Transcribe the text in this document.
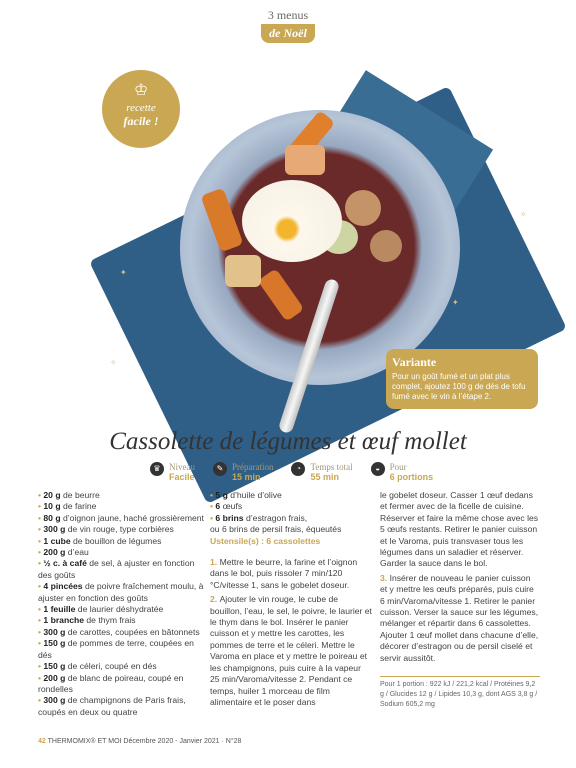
3 menus
de Noël
♔
recette
facile !
Variante
Pour un goût fumé et un plat plus complet, ajoutez 100 g de dés de tofu fumé avec le vin à l’étape 2.
Cassolette de légumes et œuf mollet
♛ Niveau
Facile
✎ Préparation
15 min
◔	Temps total
55 min
◒	Pour
6 portions

• 20 g de beurre

• 10 g de farine

• 80 g d’oignon jaune, haché grossièrement

• 300 g de vin rouge, type corbières

• 1 cube de bouillon de légumes

• 200 g d’eau

• ½ c. à café de sel, à ajuster en fonction des goûts

• 4 pincées de poivre fraîchement moulu, à ajuster en fonction des goûts

• 1 feuille de laurier déshydratée

• 1 branche de thym frais

• 300 g de carottes, coupées en bâtonnets

• 150 g de pommes de terre, coupées en dés

• 150 g de céleri, coupé en dés

• 200 g de blanc de poireau, coupé en rondelles

• 300 g de champignons de Paris frais, coupés en deux ou quatre

• 5 g d’huile d’olive

• 6 œufs

• 6 brins d’estragon frais,

ou 6 brins de persil frais, équeutés

Ustensile(s) : 6 cassolettes

1. Mettre le beurre, la farine et l’oignon dans le bol, puis rissoler 7 min/120 °C/vitesse 1, sans le gobelet doseur.

2. Ajouter le vin rouge, le cube de bouillon, l’eau, le sel, le poivre, le laurier et le thym dans le bol. Insérer le panier cuisson et y mettre les carottes, les pommes de terre et le céleri. Mettre le Varoma en place et y mettre le poireau et les champignons, puis cuire à la vapeur 25 min/Varoma/vitesse 2. Pendant ce temps, huiler 1 morceau de film alimentaire et le poser dans

le gobelet doseur. Casser 1 œuf dedans et fermer avec de la ficelle de cuisine. Réserver et faire la même chose avec les 5 œufs restants. Retirer le panier cuisson et le Varoma, puis transvaser tous les légumes dans un saladier et réserver. Garder la sauce dans le bol.

3. Insérer de nouveau le panier cuisson et y mettre les œufs préparés, puis cuire 6 min/Varoma/vitesse 1. Retirer le panier cuisson. Verser la sauce sur les légumes, mélanger et répartir dans 6 cassolettes. Ajouter 1 œuf mollet dans chacune d’elle, décorer d’estragon ou de persil ciselé et servir aussitôt.

Pour 1 portion : 922 kJ / 221,2 kcal / Protéines 9,2 g / Glucides 12 g / Lipides 10,3 g, dont AGS 3,8 g / Sodium 605,2 mg
42 THERMOMIX® ET MOI Décembre 2020 - Janvier 2021 · N°28
✦
✦
✧
✧
